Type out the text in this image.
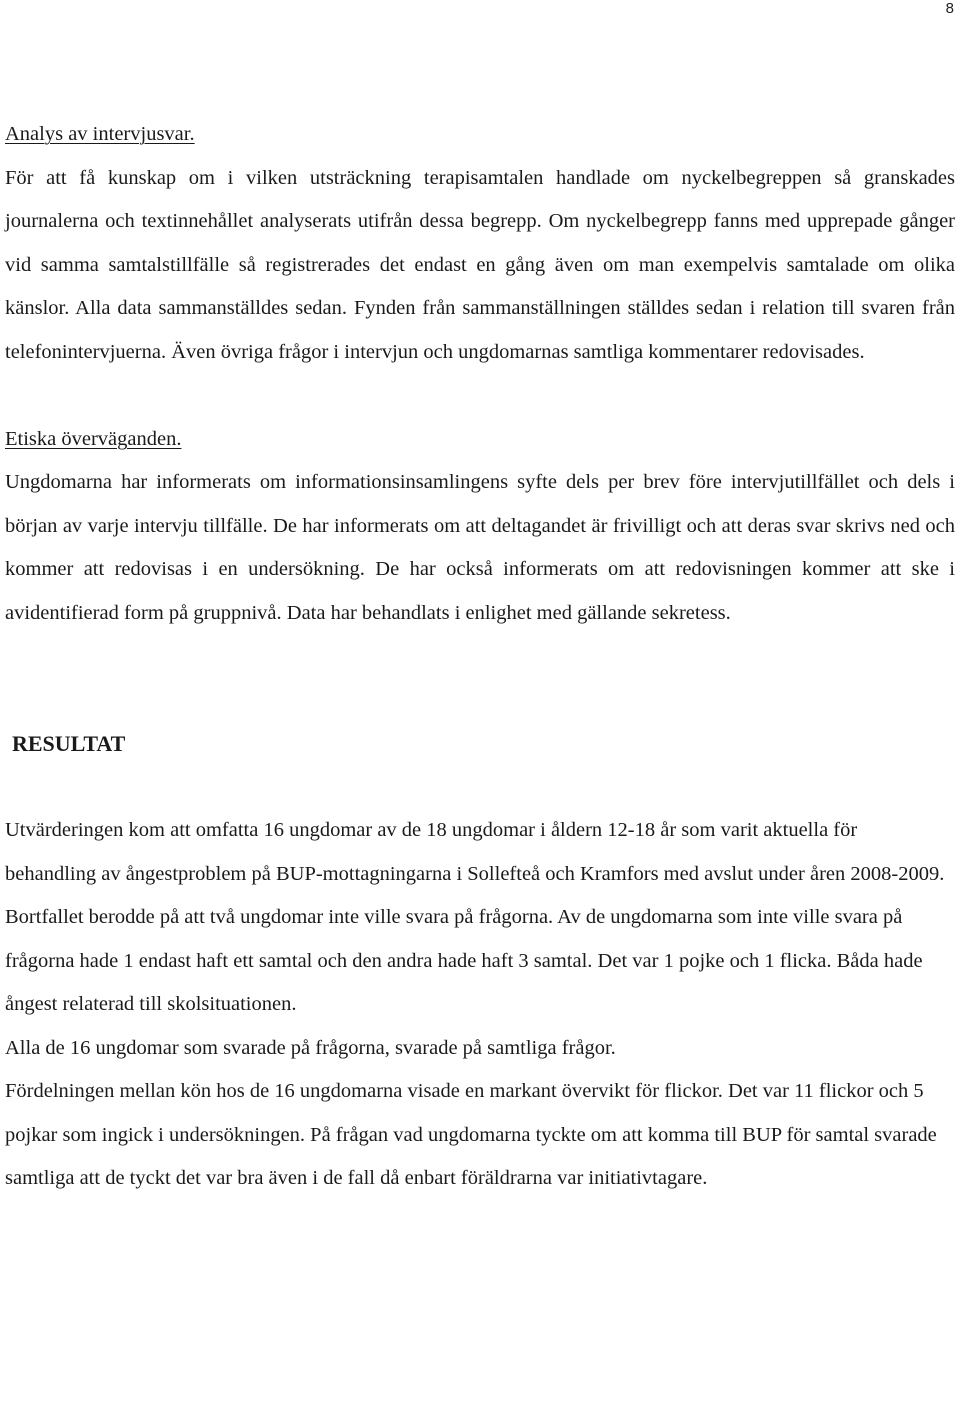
8
Analys av intervjusvar.

För att få kunskap om i vilken utsträckning terapisamtalen handlade om nyckelbegreppen så granskades journalerna och textinnehållet analyserats utifrån dessa begrepp. Om nyckelbegrepp fanns med upprepade gånger vid samma samtalstillfälle så registrerades det endast en gång även om man exempelvis samtalade om olika känslor. Alla data sammanställdes sedan. Fynden från sammanställningen ställdes sedan i relation till svaren från telefonintervjuerna. Även övriga frågor i intervjun och ungdomarnas samtliga kommentarer redovisades.

Etiska överväganden.

Ungdomarna har informerats om informationsinsamlingens syfte dels per brev före intervjutillfället och dels i början av varje intervju tillfälle. De har informerats om att deltagandet är frivilligt och att deras svar skrivs ned och kommer att redovisas i en undersökning. De har också informerats om att redovisningen kommer att ske i avidentifierad form på gruppnivå. Data har behandlats i enlighet med gällande sekretess.

RESULTAT

Utvärderingen kom att omfatta 16 ungdomar av de 18 ungdomar i åldern 12-18 år som varit aktuella för behandling av ångestproblem på BUP-mottagningarna i Sollefteå och Kramfors med avslut under åren 2008-2009. Bortfallet berodde på att två ungdomar inte ville svara på frågorna. Av de ungdomarna som inte ville svara på frågorna hade 1 endast haft ett samtal och den andra hade haft 3 samtal. Det var 1 pojke och 1 flicka. Båda hade ångest relaterad till skolsituationen.

Alla de 16 ungdomar som svarade på frågorna, svarade på samtliga frågor.

Fördelningen mellan kön hos de 16 ungdomarna visade en markant övervikt för flickor. Det var 11 flickor och 5 pojkar som ingick i undersökningen. På frågan vad ungdomarna tyckte om att komma till BUP för samtal svarade samtliga att de tyckt det var bra även i de fall då enbart föräldrarna var initiativtagare.
